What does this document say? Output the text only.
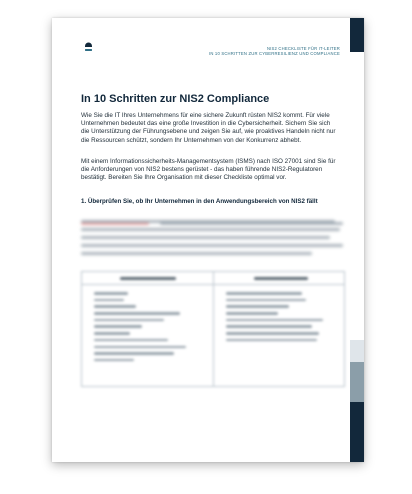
NIS2 CHECKLISTE FÜR IT-LEITER
IN 10 SCHRITTEN ZUR CYBERRESILIENZ UND COMPLIANCE
In 10 Schritten zur NIS2 Compliance
Wie Sie die IT Ihres Unternehmens für eine sichere Zukunft rüsten NIS2 kommt. Für viele Unternehmen bedeutet das eine große Investition in die Cybersicherheit. Sichern Sie sich die Unterstützung der Führungsebene und zeigen Sie auf, wie proaktives Handeln nicht nur die Ressourcen schützt, sondern Ihr Unternehmen von der Konkurrenz abhebt.
Mit einem Informationssicherheits-Managementsystem (ISMS) nach ISO 27001 sind Sie für die Anforderungen von NIS2 bestens gerüstet - das haben führende NIS2-Regulatoren bestätigt. Bereiten Sie Ihre Organisation mit dieser Checkliste optimal vor.
1. Überprüfen Sie, ob Ihr Unternehmen in den Anwendungsbereich von NIS2 fällt
